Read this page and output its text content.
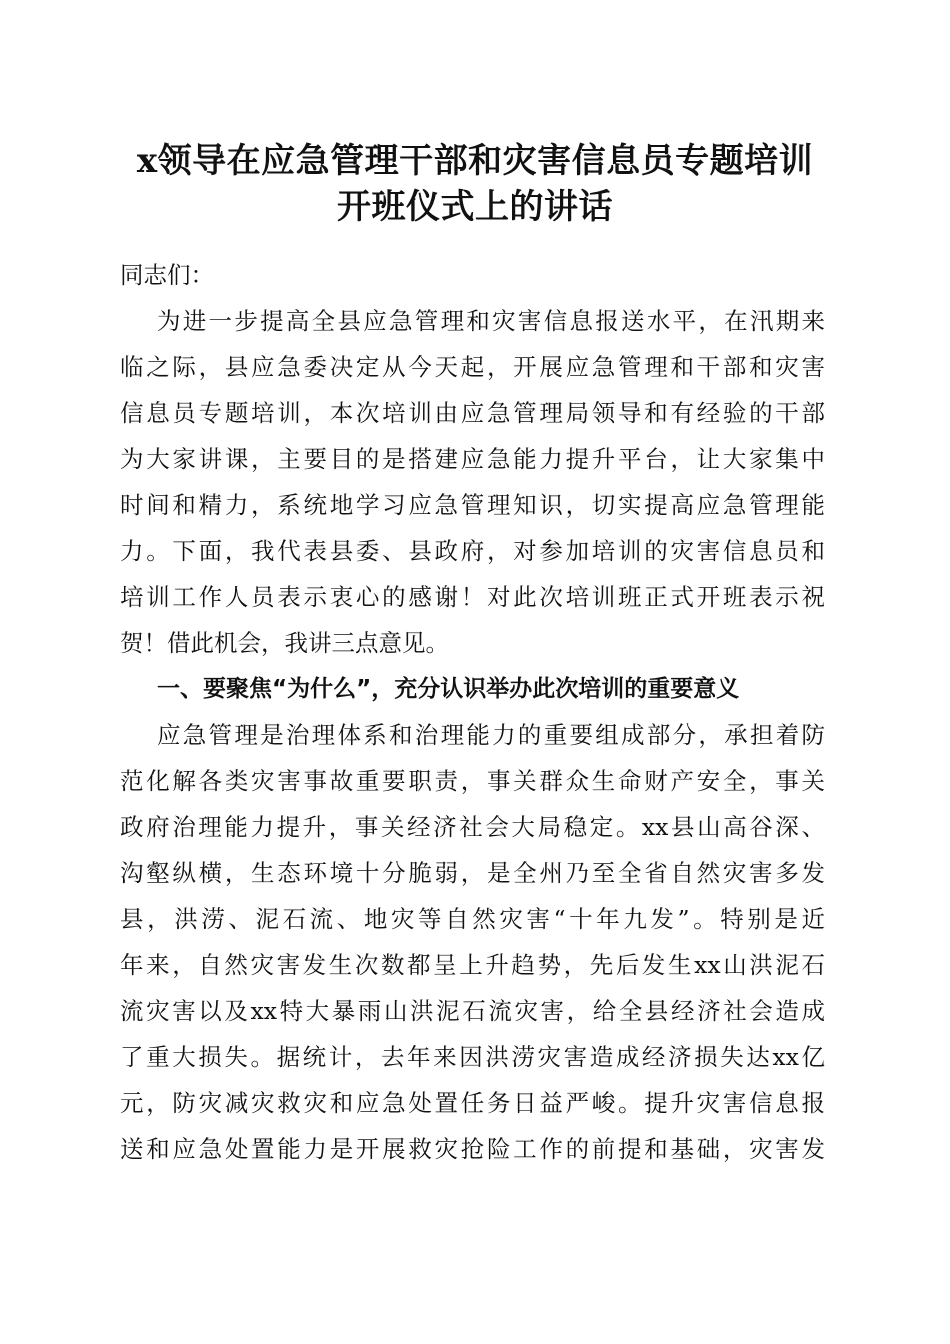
x领导在应急管理干部和灾害信息员专题培训
开班仪式上的讲话

同志们：

为进一步提高全县应急管理和灾害信息报送水平，在汛期来
临之际，县应急委决定从今天起，开展应急管理和干部和灾害
信息员专题培训，本次培训由应急管理局领导和有经验的干部
为大家讲课，主要目的是搭建应急能力提升平台，让大家集中
时间和精力，系统地学习应急管理知识，切实提高应急管理能
力。下面，我代表县委、县政府，对参加培训的灾害信息员和
培训工作人员表示衷心的感谢！对此次培训班正式开班表示祝
贺！借此机会，我讲三点意见。
一、要聚焦“为什么”，充分认识举办此次培训的重要意义
应急管理是治理体系和治理能力的重要组成部分，承担着防
范化解各类灾害事故重要职责，事关群众生命财产安全，事关
政府治理能力提升，事关经济社会大局稳定。xx县山高谷深、
沟壑纵横，生态环境十分脆弱，是全州乃至全省自然灾害多发
县，洪涝、泥石流、地灾等自然灾害“十年九发”。特别是近
年来，自然灾害发生次数都呈上升趋势，先后发生xx山洪泥石
流灾害以及xx特大暴雨山洪泥石流灾害，给全县经济社会造成
了重大损失。据统计，去年来因洪涝灾害造成经济损失达xx亿
元，防灾减灾救灾和应急处置任务日益严峻。提升灾害信息报
送和应急处置能力是开展救灾抢险工作的前提和基础，灾害发
